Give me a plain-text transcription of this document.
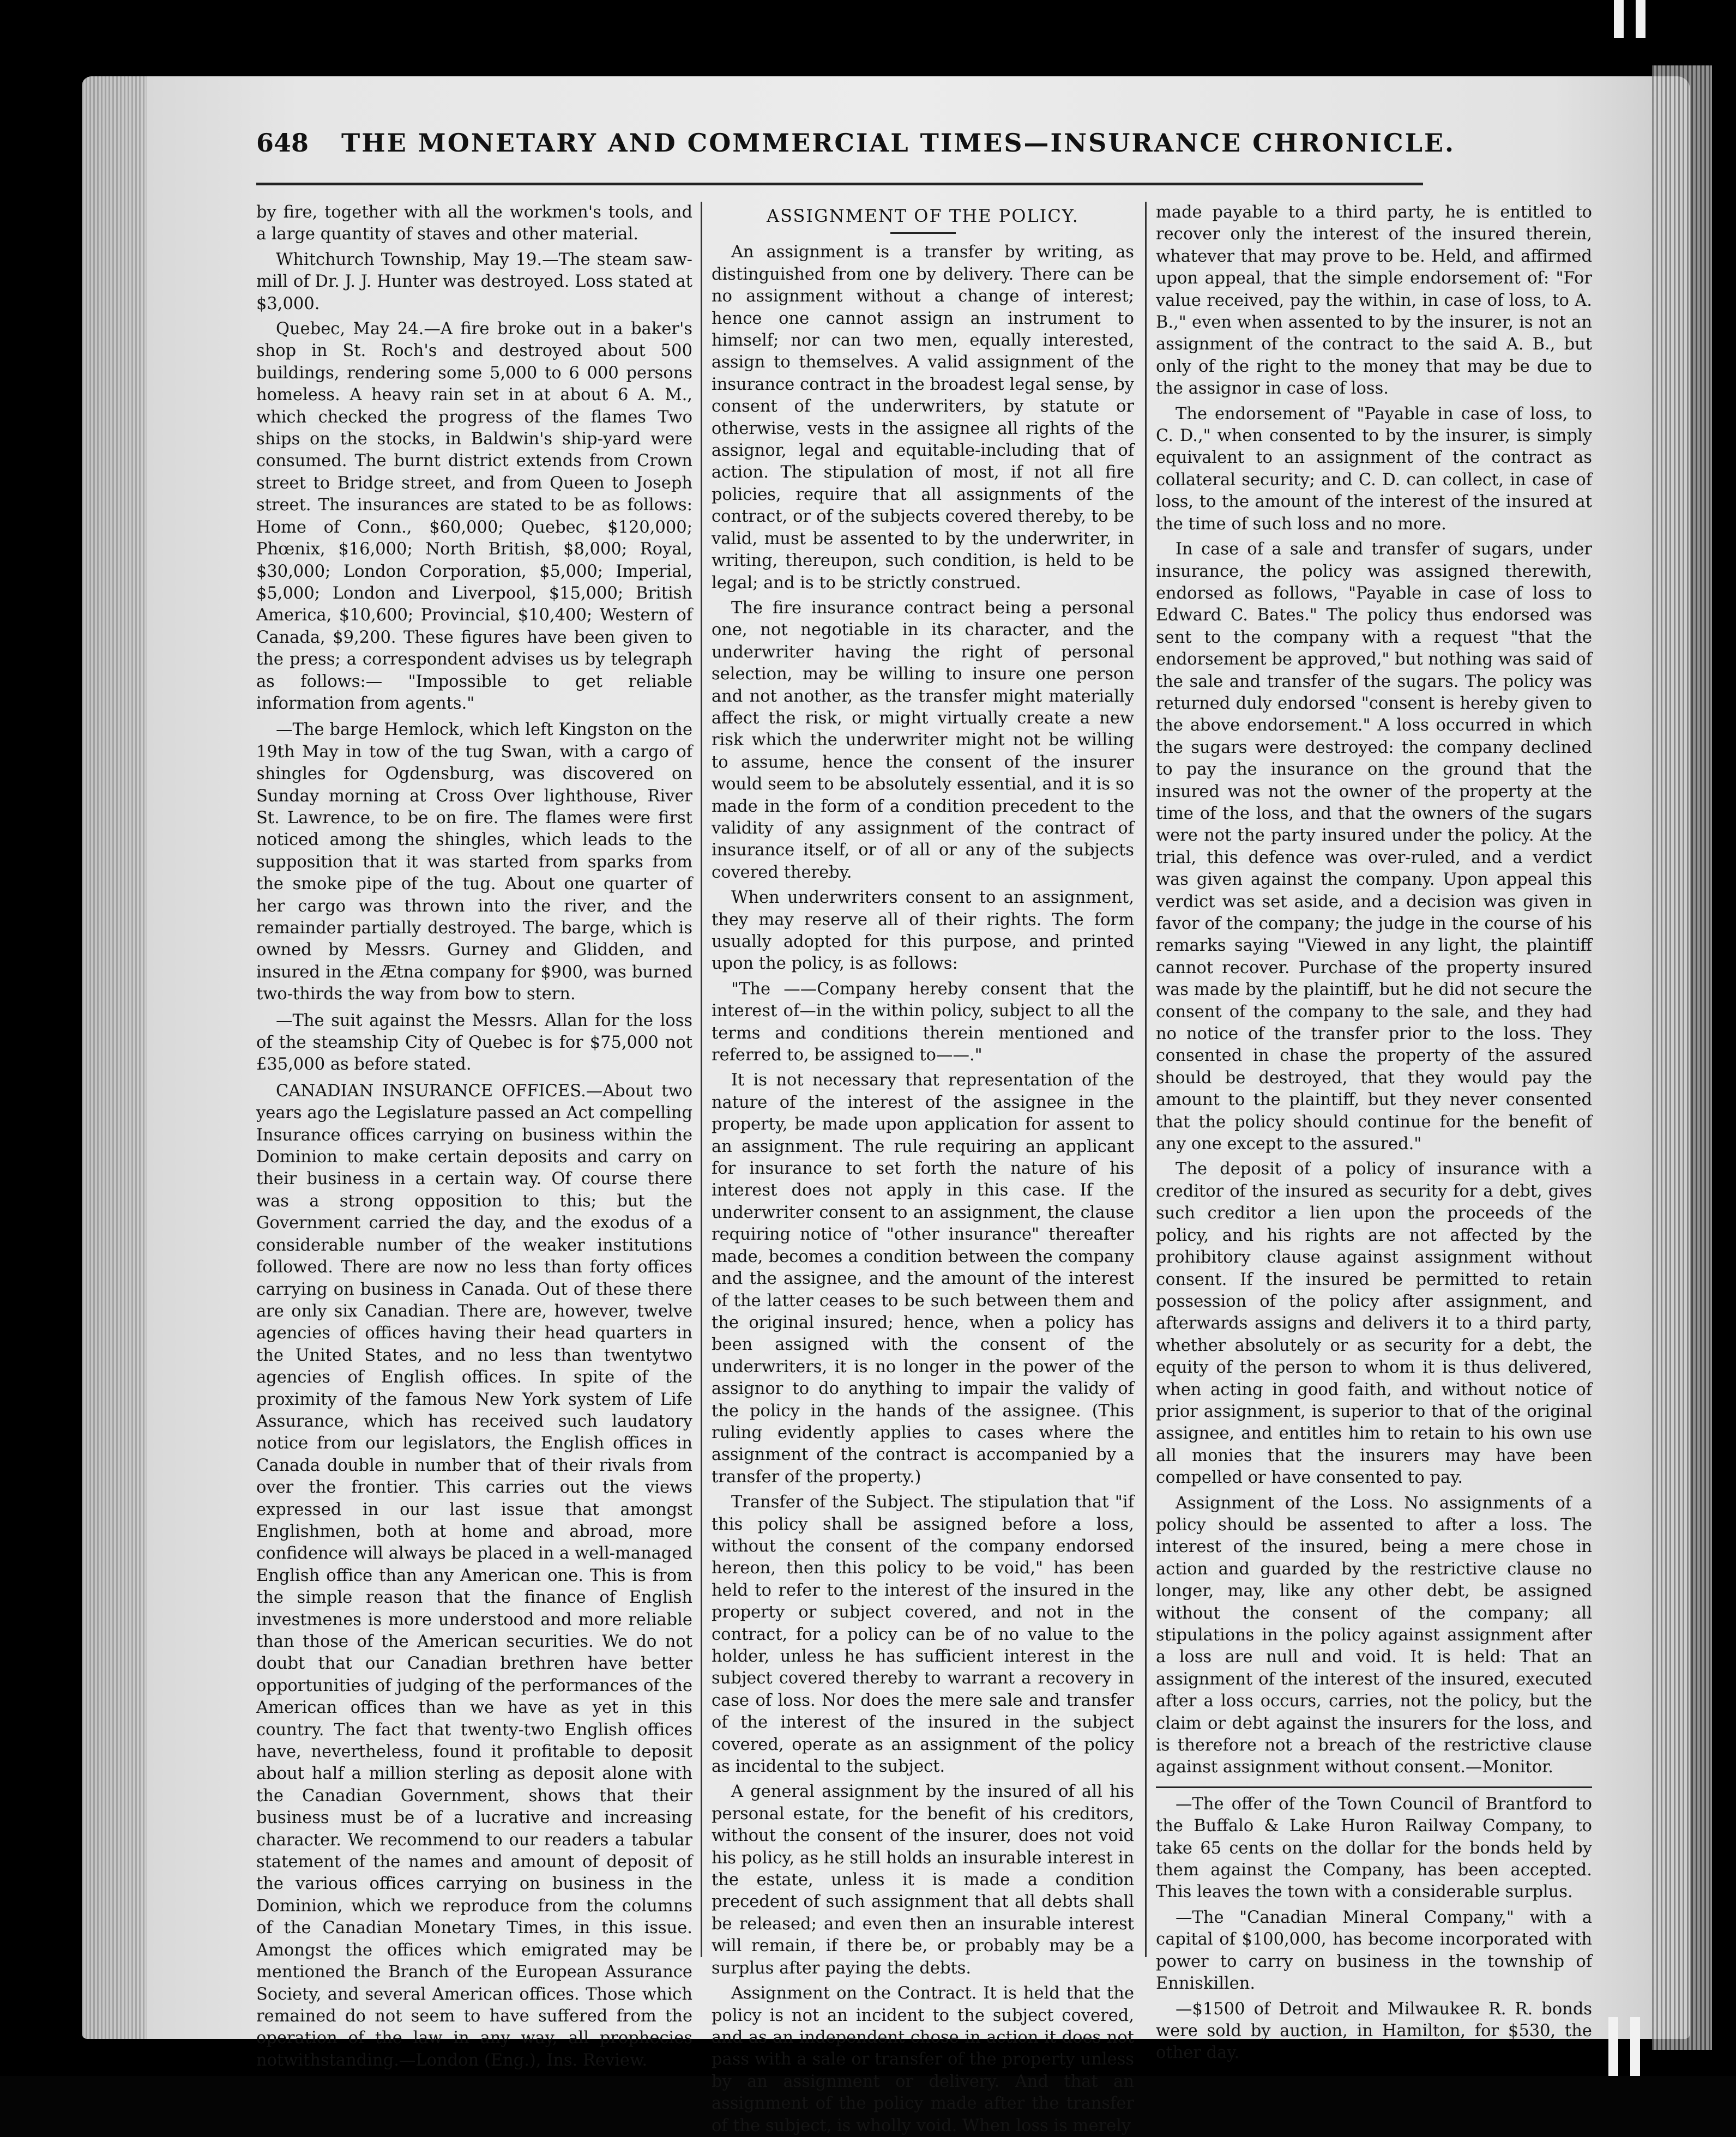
648 THE MONETARY AND COMMERCIAL TIMES—INSURANCE CHRONICLE.

by fire, together with all the workmen's tools, and a large quantity of staves and other material.

Whitchurch Township, May 19.—The steam saw-mill of Dr. J. J. Hunter was destroyed. Loss stated at $3,000.

Quebec, May 24.—A fire broke out in a baker's shop in St. Roch's and destroyed about 500 buildings, rendering some 5,000 to 6 000 persons homeless. A heavy rain set in at about 6 A. M., which checked the progress of the flames Two ships on the stocks, in Baldwin's ship-yard were consumed. The burnt district extends from Crown street to Bridge street, and from Queen to Joseph street. The insurances are stated to be as follows: Home of Conn., $60,000; Quebec, $120,000; Phœnix, $16,000; North British, $8,000; Royal, $30,000; London Corporation, $5,000; Imperial, $5,000; London and Liverpool, $15,000; British America, $10,600; Provincial, $10,400; Western of Canada, $9,200. These figures have been given to the press; a correspondent advises us by telegraph as follows:— "Impossible to get reliable information from agents."

—The barge Hemlock, which left Kingston on the 19th May in tow of the tug Swan, with a cargo of shingles for Ogdensburg, was discovered on Sunday morning at Cross Over lighthouse, River St. Lawrence, to be on fire. The flames were first noticed among the shingles, which leads to the supposition that it was started from sparks from the smoke pipe of the tug. About one quarter of her cargo was thrown into the river, and the remainder partially destroyed. The barge, which is owned by Messrs. Gurney and Glidden, and insured in the Ætna company for $900, was burned two-thirds the way from bow to stern.

—The suit against the Messrs. Allan for the loss of the steamship City of Quebec is for $75,000 not £35,000 as before stated.

CANADIAN INSURANCE OFFICES.—About two years ago the Legislature passed an Act compelling Insurance offices carrying on business within the Dominion to make certain deposits and carry on their business in a certain way. Of course there was a strong opposition to this; but the Government carried the day, and the exodus of a considerable number of the weaker institutions followed. There are now no less than forty offices carrying on business in Canada. Out of these there are only six Canadian. There are, however, twelve agencies of offices having their head quarters in the United States, and no less than twentytwo agencies of English offices. In spite of the proximity of the famous New York system of Life Assurance, which has received such laudatory notice from our legislators, the English offices in Canada double in number that of their rivals from over the frontier. This carries out the views expressed in our last issue that amongst Englishmen, both at home and abroad, more confidence will always be placed in a well-managed English office than any American one. This is from the simple reason that the finance of English investmenes is more understood and more reliable than those of the American securities. We do not doubt that our Canadian brethren have better opportunities of judging of the performances of the American offices than we have as yet in this country. The fact that twenty-two English offices have, nevertheless, found it profitable to deposit about half a million sterling as deposit alone with the Canadian Government, shows that their business must be of a lucrative and increasing character. We recommend to our readers a tabular statement of the names and amount of deposit of the various offices carrying on business in the Dominion, which we reproduce from the columns of the Canadian Monetary Times, in this issue. Amongst the offices which emigrated may be mentioned the Branch of the European Assurance Society, and several American offices. Those which remained do not seem to have suffered from the operation of the law in any way, all prophecies notwithstanding.—London (Eng.), Ins. Review.

ASSIGNMENT OF THE POLICY.

An assignment is a transfer by writing, as distinguished from one by delivery. There can be no assignment without a change of interest; hence one cannot assign an instrument to himself; nor can two men, equally interested, assign to themselves. A valid assignment of the insurance contract in the broadest legal sense, by consent of the underwriters, by statute or otherwise, vests in the assignee all rights of the assignor, legal and equitable-including that of action. The stipulation of most, if not all fire policies, require that all assignments of the contract, or of the subjects covered thereby, to be valid, must be assented to by the underwriter, in writing, thereupon, such condition, is held to be legal; and is to be strictly construed.

The fire insurance contract being a personal one, not negotiable in its character, and the underwriter having the right of personal selection, may be willing to insure one person and not another, as the transfer might materially affect the risk, or might virtually create a new risk which the underwriter might not be willing to assume, hence the consent of the insurer would seem to be absolutely essential, and it is so made in the form of a condition precedent to the validity of any assignment of the contract of insurance itself, or of all or any of the subjects covered thereby.

When underwriters consent to an assignment, they may reserve all of their rights. The form usually adopted for this purpose, and printed upon the policy, is as follows:

"The ——Company hereby consent that the interest of—in the within policy, subject to all the terms and conditions therein mentioned and referred to, be assigned to——."

It is not necessary that representation of the nature of the interest of the assignee in the property, be made upon application for assent to an assignment. The rule requiring an applicant for insurance to set forth the nature of his interest does not apply in this case. If the underwriter consent to an assignment, the clause requiring notice of "other insurance" thereafter made, becomes a condition between the company and the assignee, and the amount of the interest of the latter ceases to be such between them and the original insured; hence, when a policy has been assigned with the consent of the underwriters, it is no longer in the power of the assignor to do anything to impair the validy of the policy in the hands of the assignee. (This ruling evidently applies to cases where the assignment of the contract is accompanied by a transfer of the property.)

Transfer of the Subject. The stipulation that "if this policy shall be assigned before a loss, without the consent of the company endorsed hereon, then this policy to be void," has been held to refer to the interest of the insured in the property or subject covered, and not in the contract, for a policy can be of no value to the holder, unless he has sufficient interest in the subject covered thereby to warrant a recovery in case of loss. Nor does the mere sale and transfer of the interest of the insured in the subject covered, operate as an assignment of the policy as incidental to the subject.

A general assignment by the insured of all his personal estate, for the benefit of his creditors, without the consent of the insurer, does not void his policy, as he still holds an insurable interest in the estate, unless it is made a condition precedent of such assignment that all debts shall be released; and even then an insurable interest will remain, if there be, or probably may be a surplus after paying the debts.

Assignment on the Contract. It is held that the policy is not an incident to the subject covered, and as an independent chose in action it does not pass with a sale or transfer of the property unless by an assignment or delivery. And that an assignment of the policy made after the transfer of the subject, is wholly void. When loss is merely

made payable to a third party, he is entitled to recover only the interest of the insured therein, whatever that may prove to be. Held, and affirmed upon appeal, that the simple endorsement of: "For value received, pay the within, in case of loss, to A. B.," even when assented to by the insurer, is not an assignment of the contract to the said A. B., but only of the right to the money that may be due to the assignor in case of loss.

The endorsement of "Payable in case of loss, to C. D.," when consented to by the insurer, is simply equivalent to an assignment of the contract as collateral security; and C. D. can collect, in case of loss, to the amount of the interest of the insured at the time of such loss and no more.

In case of a sale and transfer of sugars, under insurance, the policy was assigned therewith, endorsed as follows, "Payable in case of loss to Edward C. Bates." The policy thus endorsed was sent to the company with a request "that the endorsement be approved," but nothing was said of the sale and transfer of the sugars. The policy was returned duly endorsed "consent is hereby given to the above endorsement." A loss occurred in which the sugars were destroyed: the company declined to pay the insurance on the ground that the insured was not the owner of the property at the time of the loss, and that the owners of the sugars were not the party insured under the policy. At the trial, this defence was over-ruled, and a verdict was given against the company. Upon appeal this verdict was set aside, and a decision was given in favor of the company; the judge in the course of his remarks saying "Viewed in any light, the plaintiff cannot recover. Purchase of the property insured was made by the plaintiff, but he did not secure the consent of the company to the sale, and they had no notice of the transfer prior to the loss. They consented in chase the property of the assured should be destroyed, that they would pay the amount to the plaintiff, but they never consented that the policy should continue for the benefit of any one except to the assured."

The deposit of a policy of insurance with a creditor of the insured as security for a debt, gives such creditor a lien upon the proceeds of the policy, and his rights are not affected by the prohibitory clause against assignment without consent. If the insured be permitted to retain possession of the policy after assignment, and afterwards assigns and delivers it to a third party, whether absolutely or as security for a debt, the equity of the person to whom it is thus delivered, when acting in good faith, and without notice of prior assignment, is superior to that of the original assignee, and entitles him to retain to his own use all monies that the insurers may have been compelled or have consented to pay.

Assignment of the Loss. No assignments of a policy should be assented to after a loss. The interest of the insured, being a mere chose in action and guarded by the restrictive clause no longer, may, like any other debt, be assigned without the consent of the company; all stipulations in the policy against assignment after a loss are null and void. It is held: That an assignment of the interest of the insured, executed after a loss occurs, carries, not the policy, but the claim or debt against the insurers for the loss, and is therefore not a breach of the restrictive clause against assignment without consent.—Monitor.

—The offer of the Town Council of Brantford to the Buffalo & Lake Huron Railway Company, to take 65 cents on the dollar for the bonds held by them against the Company, has been accepted. This leaves the town with a considerable surplus.

—The "Canadian Mineral Company," with a capital of $100,000, has become incorporated with power to carry on business in the township of Enniskillen.

—$1500 of Detroit and Milwaukee R. R. bonds were sold by auction, in Hamilton, for $530, the other day.
